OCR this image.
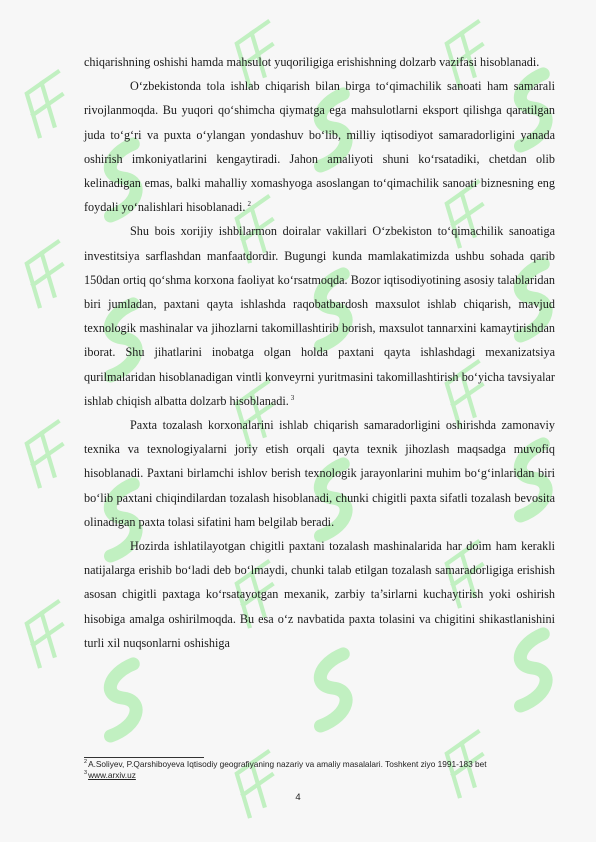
chiqarishning oshishi hamda mahsulot yuqoriligiga erishishning dolzarb vazifasi hisoblanadi.

O‘zbekistonda tola ishlab chiqarish bilan birga to‘qimachilik sanoati ham samarali rivojlanmoqda. Bu yuqori qo‘shimcha qiymatga ega mahsulotlarni eksport qilishga qaratilgan juda to‘g‘ri va puxta o‘ylangan yondashuv bo‘lib, milliy iqtisodiyot samaradorligini yanada oshirish imkoniyatlarini kengaytiradi. Jahon amaliyoti shuni ko‘rsatadiki, chetdan olib kelinadigan emas, balki mahalliy xomashyoga asoslangan to‘qimachilik sanoati biznesning eng foydali yo‘nalishlari hisoblanadi. $^2$

Shu bois xorijiy ishbilarmon doiralar vakillari O‘zbekiston to‘qimachilik sanoatiga investitsiya sarflashdan manfaatdordir. Bugungi kunda mamlakatimizda ushbu sohada qarib 150dan ortiq qo‘shma korxona faoliyat ko‘rsatmoqda. Bozor iqtisodiyotining asosiy talablaridan biri jumladan, paxtani qayta ishlashda raqobatbardosh maxsulot ishlab chiqarish, mavjud texnologik mashinalar va jihozlarni takomillashtirib borish, maxsulot tannarxini kamaytirishdan iborat. Shu jihatlarini inobatga olgan holda paxtani qayta ishlashdagi mexanizatsiya qurilmalaridan hisoblanadigan vintli konveyrni yuritmasini takomillashtirish bo‘yicha tavsiyalar ishlab chiqish albatta dolzarb hisoblanadi. $^3$

Paxta tozalash korxonalarini ishlab chiqarish samaradorligini oshirishda zamonaviy texnika va texnologiyalarni joriy etish orqali qayta texnik jihozlash maqsadga muvofiq hisoblanadi. Paxtani birlamchi ishlov berish texnologik jarayonlarini muhim bo‘g‘inlaridan biri bo‘lib paxtani chiqindilardan tozalash hisoblanadi, chunki chigitli paxta sifatli tozalash bevosita olinadigan paxta tolasi sifatini ham belgilab beradi.

Hozirda ishlatilayotgan chigitli paxtani tozalash mashinalarida har doim ham kerakli natijalarga erishib bo‘ladi deb bo‘lmaydi, chunki talab etilgan tozalash samaradorligiga erishish asosan chigitli paxtaga ko‘rsatayotgan mexanik, zarbiy ta’sirlarni kuchaytirish yoki oshirish hisobiga amalga oshirilmoqda. Bu esa o‘z navbatida paxta tolasini va chigitini shikastlanishini turli xil nuqsonlarni oshishiga

$^2$A.Soliyev, P.Qarshiboyeva Iqtisodiy geografiyaning nazariy va amaliy masalalari. Toshkent ziyo 1991-183 bet
$^3$www.arxiv.uz
4
